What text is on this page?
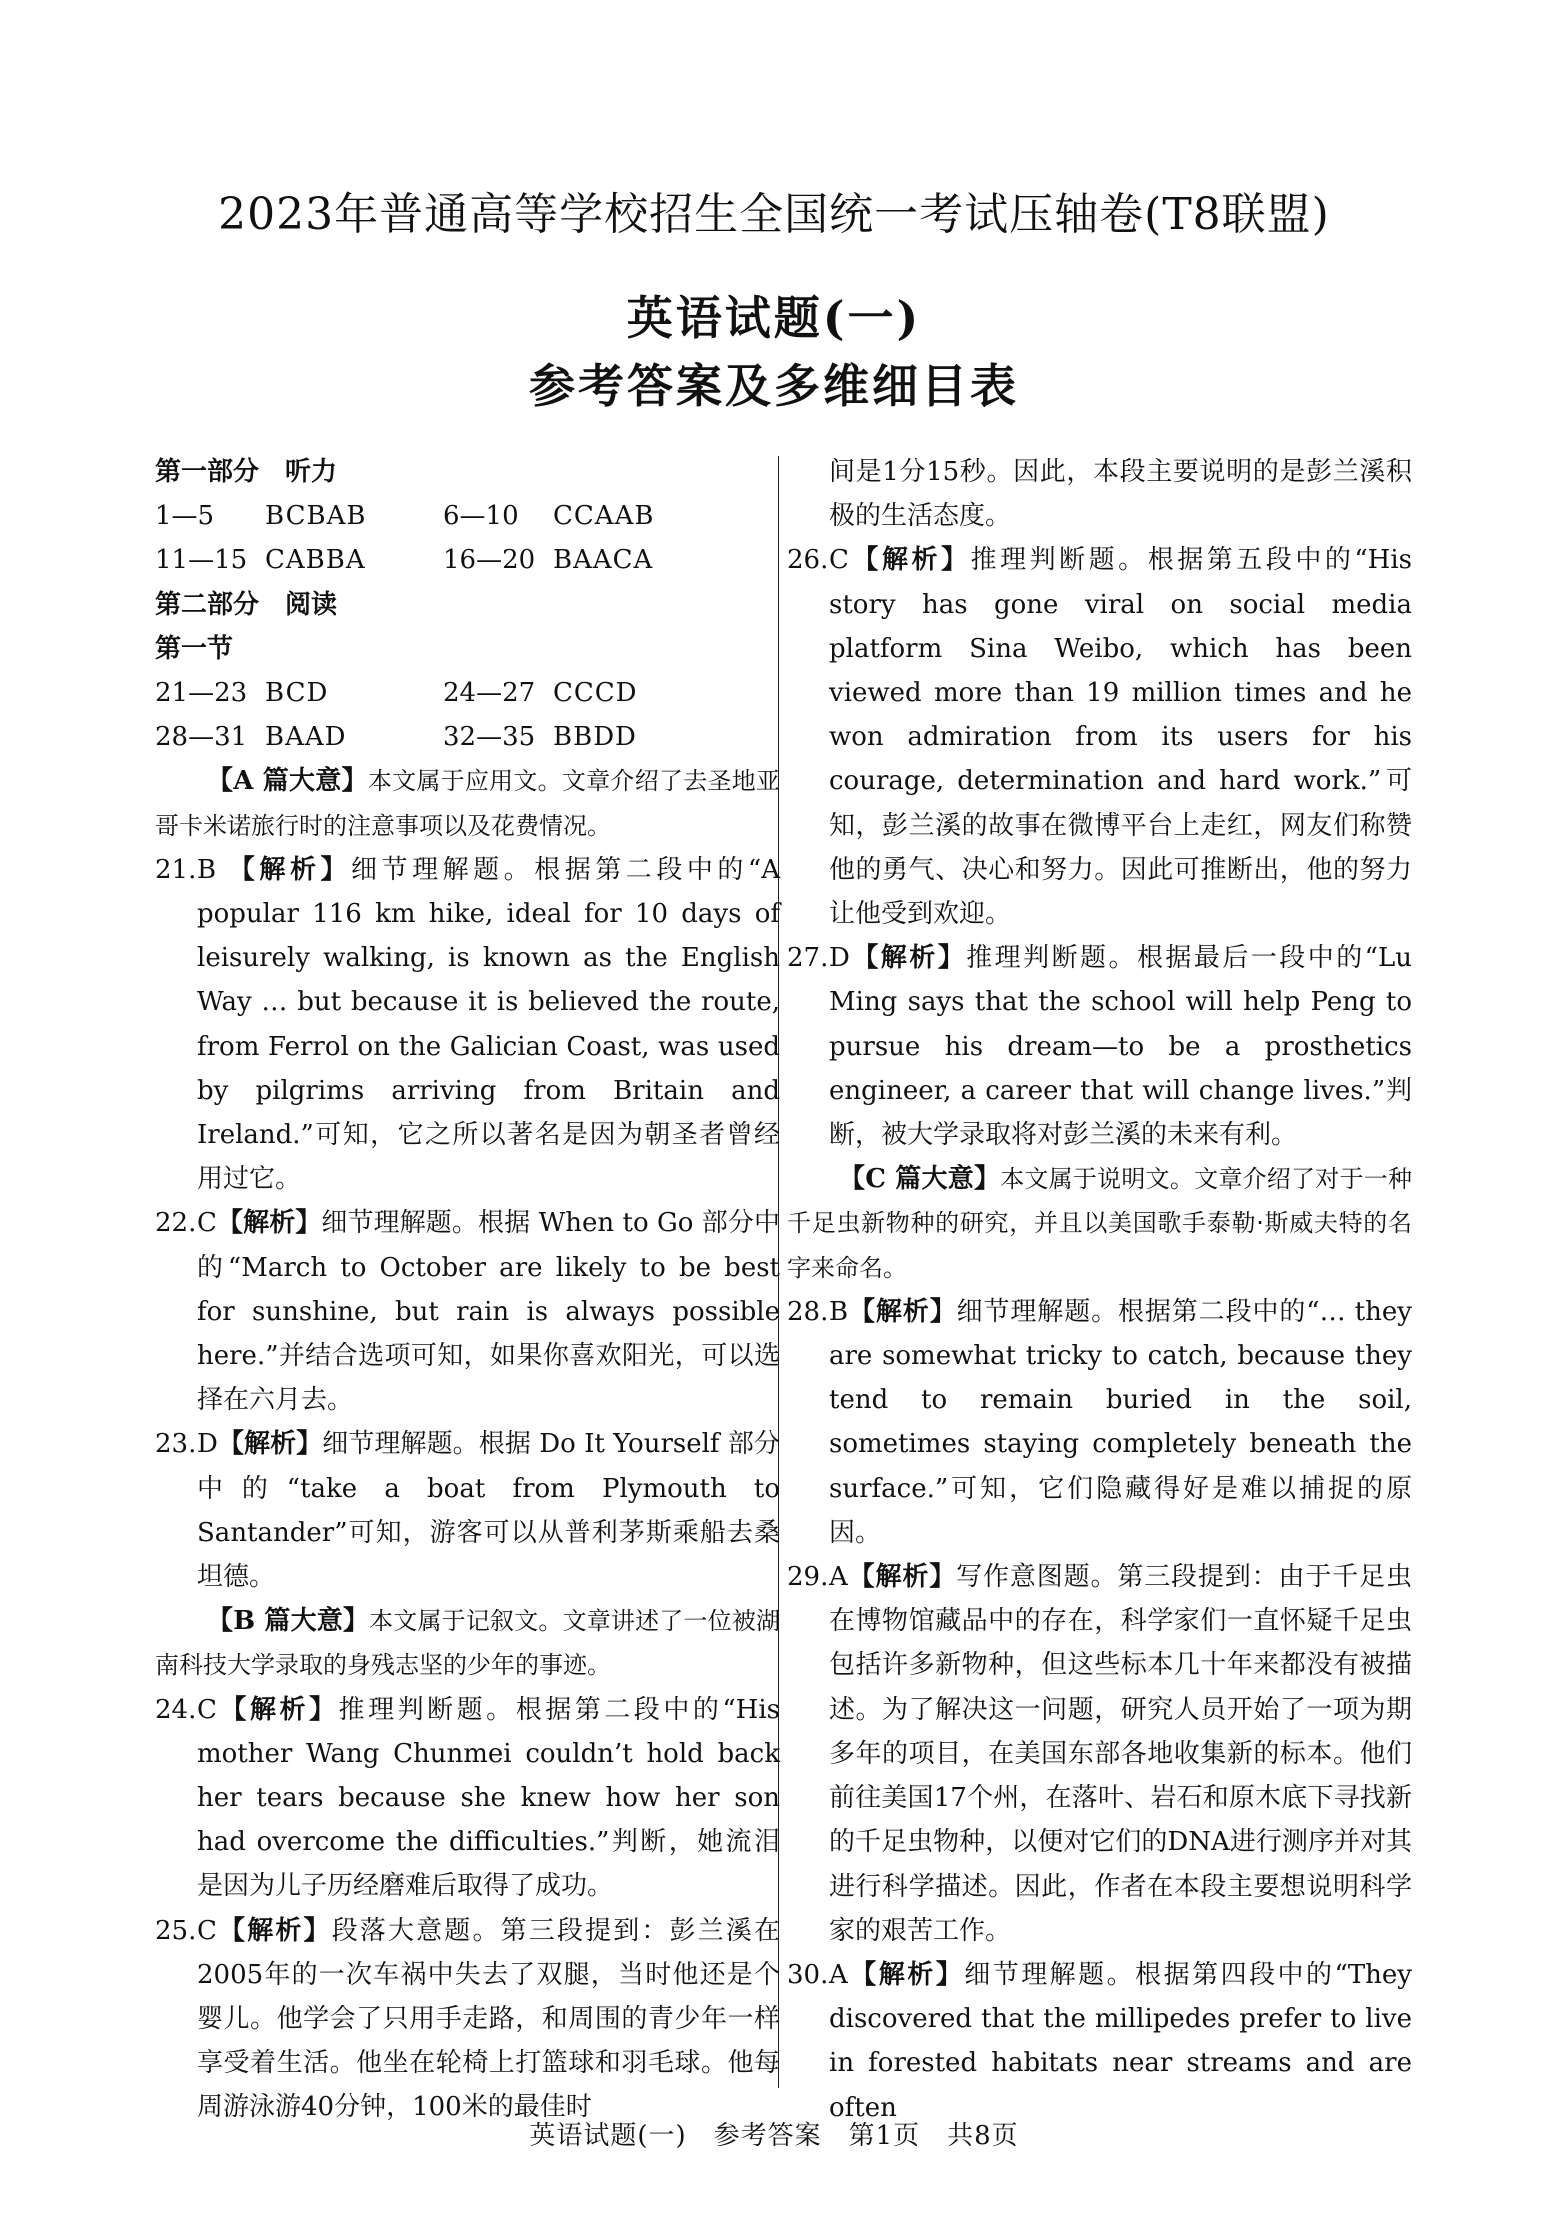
2023年普通高等学校招生全国统一考试压轴卷(T8联盟)
英语试题(一)
参考答案及多维细目表
第一部分　听力
1—5 BCBAB	6—10 CCAAB
11—15 CABBA	16—20 BAACA
第二部分　阅读
第一节
21—23 BCD	24—27 CCCD
28—31 BAAD	32—35 BBDD
【A 篇大意】本文属于应用文。文章介绍了去圣地亚哥卡米诺旅行时的注意事项以及花费情况。
21. B 【解析】细节理解题。根据第二段中的“A popular 116 km hike, ideal for 10 days of leisurely walking, is known as the English Way … but because it is believed the route, from Ferrol on the Galician Coast, was used by pilgrims arriving from Britain and Ireland.”可知，它之所以著名是因为朝圣者曾经用过它。
22. C【解析】细节理解题。根据 When to Go 部分中的“March to October are likely to be best for sunshine, but rain is always possible here.”并结合选项可知，如果你喜欢阳光，可以选择在六月去。
23. D【解析】细节理解题。根据 Do It Yourself 部分中的“take a boat from Plymouth to Santander”可知，游客可以从普利茅斯乘船去桑坦德。
【B 篇大意】本文属于记叙文。文章讲述了一位被湖南科技大学录取的身残志坚的少年的事迹。
24. C【解析】推理判断题。根据第二段中的“His mother Wang Chunmei couldn’t hold back her tears because she knew how her son had overcome the difficulties.”判断，她流泪是因为儿子历经磨难后取得了成功。
25. C【解析】段落大意题。第三段提到：彭兰溪在2005年的一次车祸中失去了双腿，当时他还是个婴儿。他学会了只用手走路，和周围的青少年一样享受着生活。他坐在轮椅上打篮球和羽毛球。他每周游泳游40分钟，100米的最佳时
间是1分15秒。因此，本段主要说明的是彭兰溪积极的生活态度。
26. C【解析】推理判断题。根据第五段中的“His story has gone viral on social media platform Sina Weibo, which has been viewed more than 19 million times and he won admiration from its users for his courage, determination and hard work.”可知，彭兰溪的故事在微博平台上走红，网友们称赞他的勇气、决心和努力。因此可推断出，他的努力让他受到欢迎。
27. D【解析】推理判断题。根据最后一段中的“Lu Ming says that the school will help Peng to pursue his dream—to be a prosthetics engineer, a career that will change lives.”判断，被大学录取将对彭兰溪的未来有利。
【C 篇大意】本文属于说明文。文章介绍了对于一种千足虫新物种的研究，并且以美国歌手泰勒·斯威夫特的名字来命名。
28. B【解析】细节理解题。根据第二段中的“… they are somewhat tricky to catch, because they tend to remain buried in the soil, sometimes staying completely beneath the surface.”可知，它们隐藏得好是难以捕捉的原因。
29. A【解析】写作意图题。第三段提到：由于千足虫在博物馆藏品中的存在，科学家们一直怀疑千足虫包括许多新物种，但这些标本几十年来都没有被描述。为了解决这一问题，研究人员开始了一项为期多年的项目，在美国东部各地收集新的标本。他们前往美国17个州，在落叶、岩石和原木底下寻找新的千足虫物种，以便对它们的DNA进行测序并对其进行科学描述。因此，作者在本段主要想说明科学家的艰苦工作。
30. A【解析】细节理解题。根据第四段中的“They discovered that the millipedes prefer to live in forested habitats near streams and are often
英语试题(一)　参考答案　第1页　共8页
